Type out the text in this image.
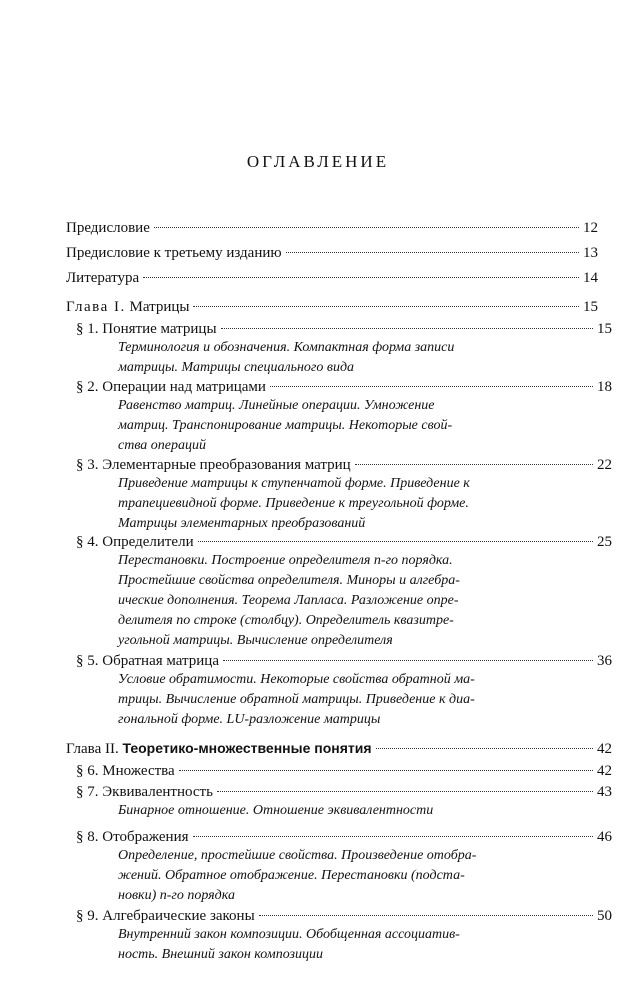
ОГЛАВЛЕНИЕ
Предисловие	12
Предисловие к третьему изданию	13
Литература	14
Глава I. Матрицы	15
§ 1. Понятие матрицы	15
Терминология и обозначения. Компактная форма записи
матрицы. Матрицы специального вида
§ 2. Операции над матрицами	18
Равенство матриц. Линейные операции. Умножение
матриц. Транспонирование матрицы. Некоторые свой-
ства операций
§ 3. Элементарные преобразования матриц	22
Приведение матрицы к ступенчатой форме. Приведение к
трапециевидной форме. Приведение к треугольной форме.
Матрицы элементарных преобразований
§ 4. Определители	25
Перестановки. Построение определителя n-го порядка.
Простейшие свойства определителя. Миноры и алгебра-
ические дополнения. Теорема Лапласа. Разложение опре-
делителя по строке (столбцу). Определитель квазитре-
угольной матрицы. Вычисление определителя
§ 5. Обратная матрица	36
Условие обратимости. Некоторые свойства обратной ма-
трицы. Вычисление обратной матрицы. Приведение к диа-
гональной форме. LU-разложение матрицы
Глава II. Теоретико-множественные понятия	42
§ 6. Множества	42
§ 7. Эквивалентность	43
Бинарное отношение. Отношение эквивалентности
§ 8. Отображения	46
Определение, простейшие свойства. Произведение отобра-
жений. Обратное отображение. Перестановки (подста-
новки) n-го порядка
§ 9. Алгебраические законы	50
Внутренний закон композиции. Обобщенная ассоциатив-
ность. Внешний закон композиции
